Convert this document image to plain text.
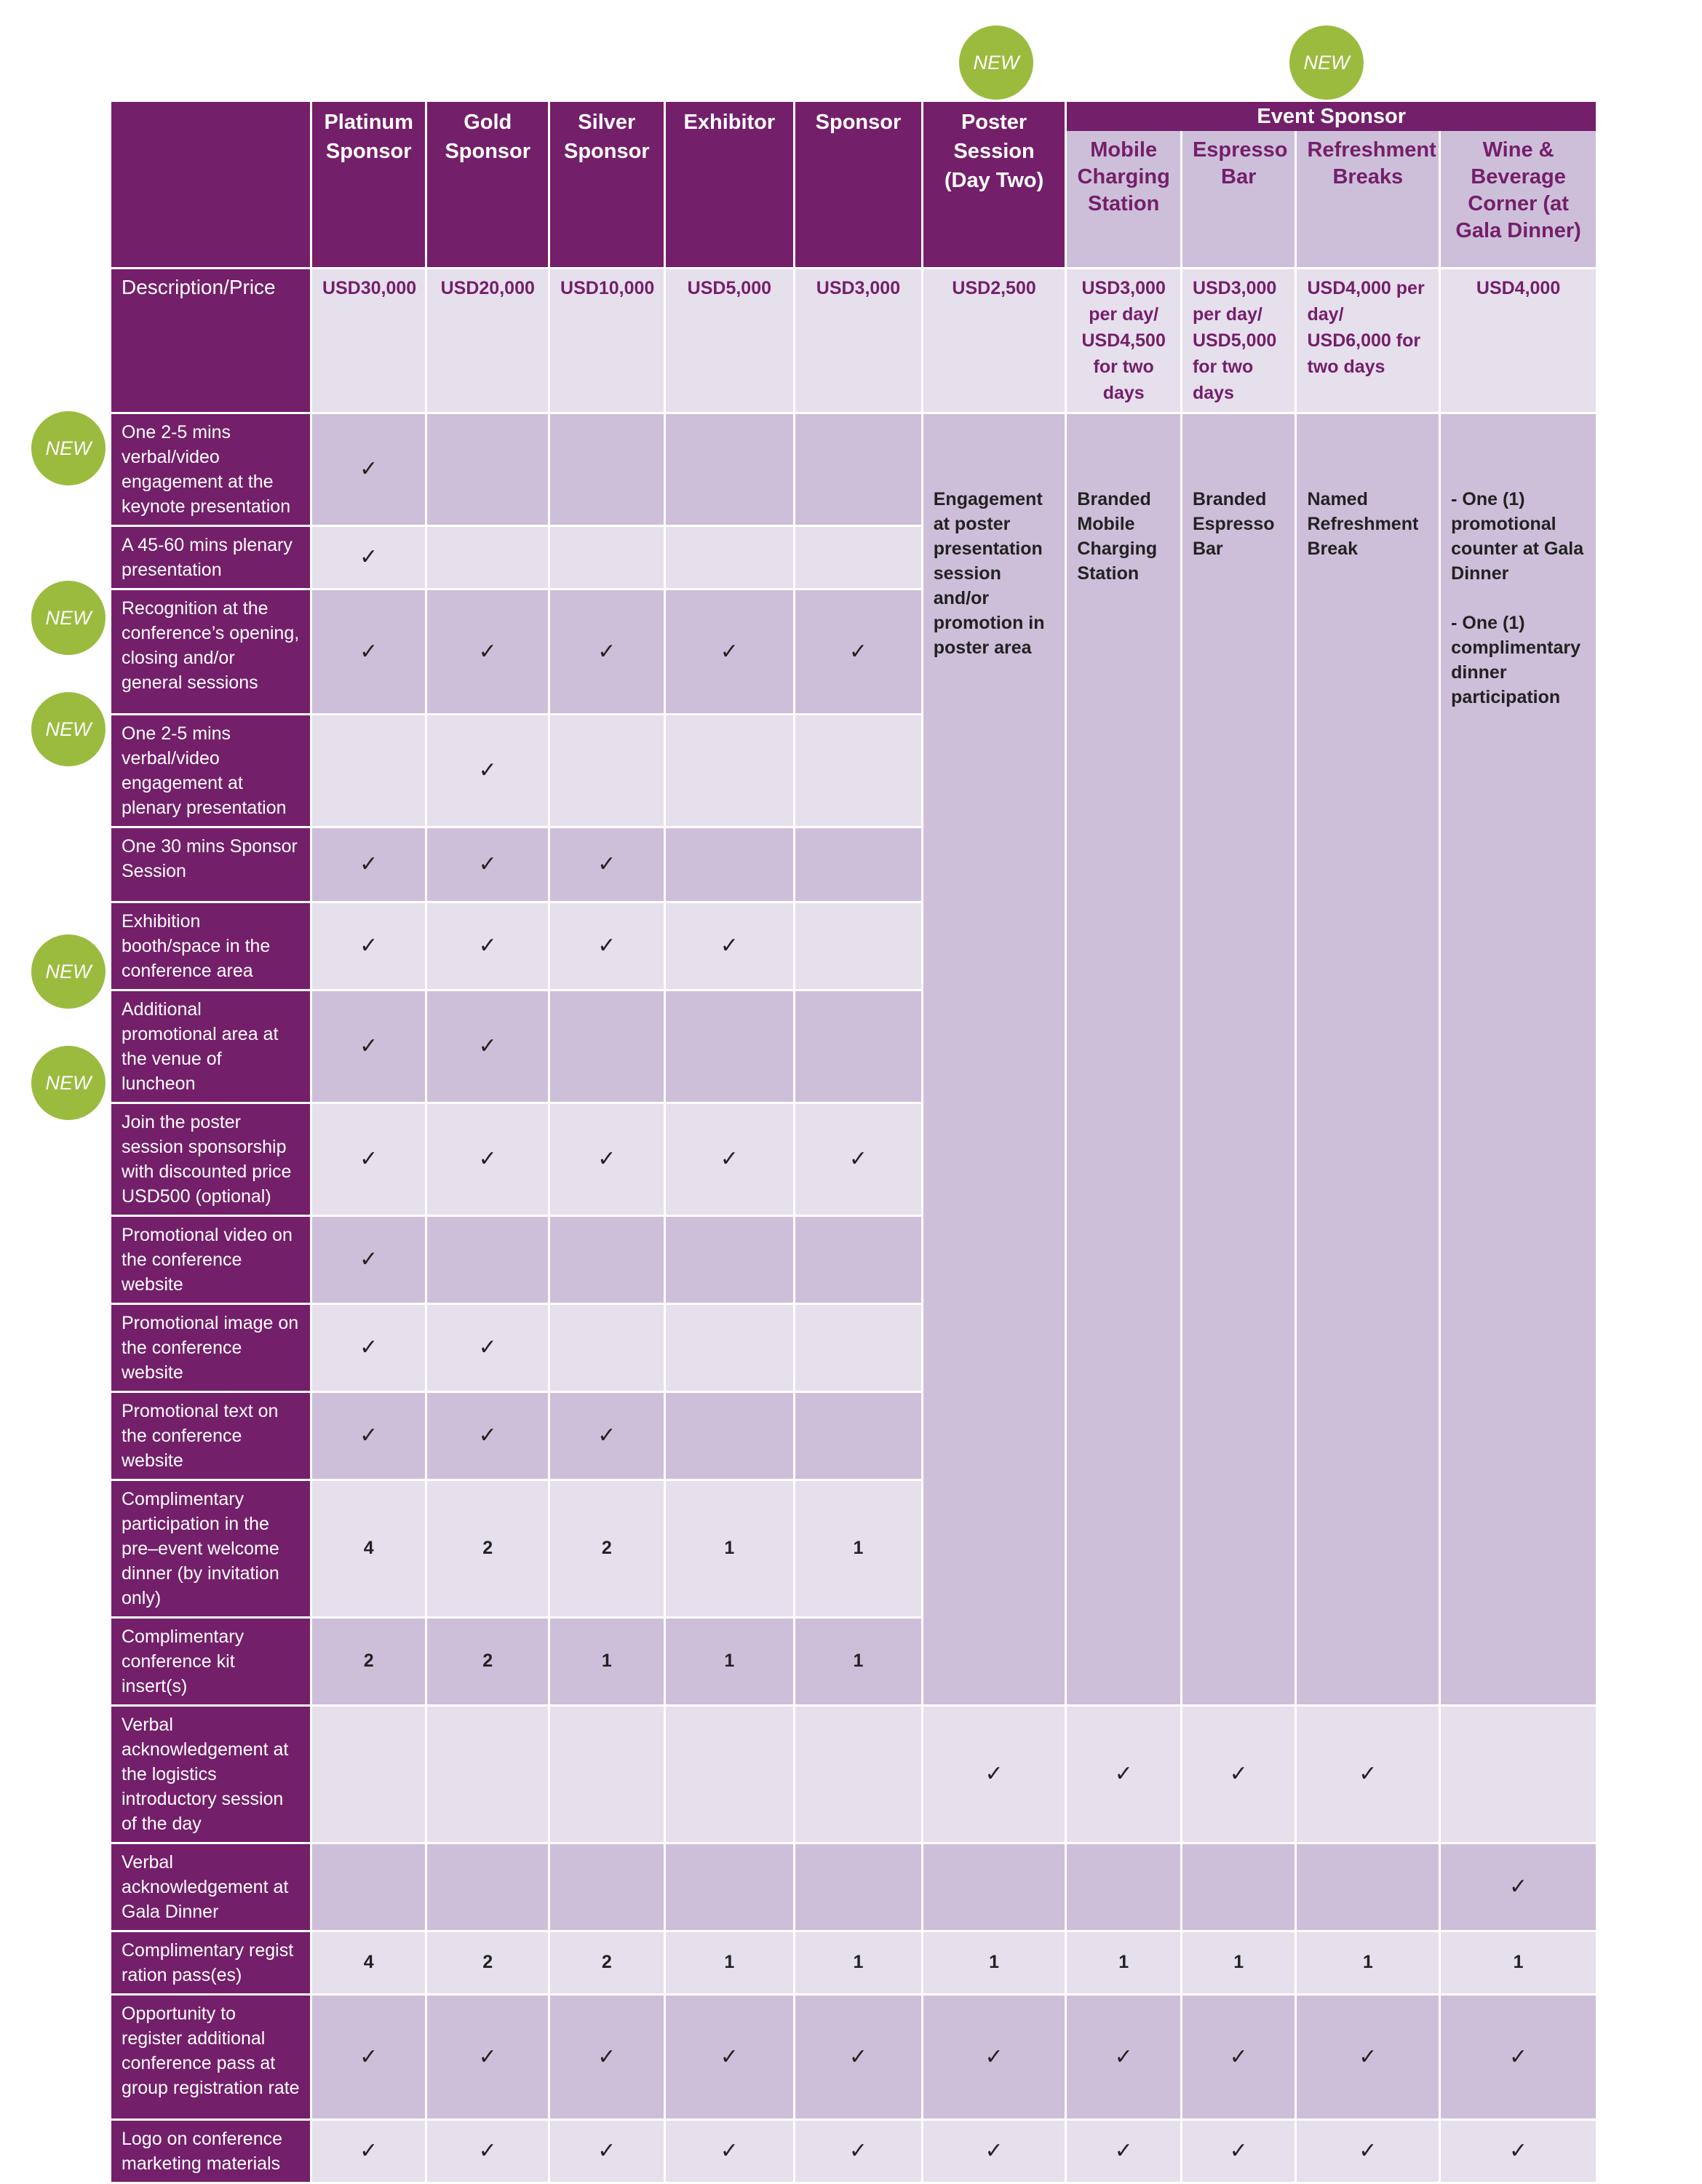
NEW	NEW
NEW
NEW
NEW
NEW
NEW
	Platinum Sponsor	Gold Sponsor	Silver Sponsor	Exhibitor	Sponsor	Poster Session (Day Two)	Event Sponsor			
							Mobile Charging Station	Espresso Bar	Refreshment Breaks	Wine & Beverage Corner (at Gala Dinner)
Description/Price	USD30,000	USD20,000	USD10,000	USD5,000	USD3,000	USD2,500	USD3,000 per day/ USD4,500 for two days	USD3,000 per day/ USD5,000 for two days	USD4,000 per day/ USD6,000 for two days	USD4,000
One 2-5 mins verbal/video engagement at the keynote presentation	✓					Engagement at poster presentation session and/or promotion in poster area	Branded Mobile Charging Station	Branded Espresso Bar	Named Refreshment Break	- One (1) promotional counter at Gala Dinner
- One (1) complimentary dinner participation

A 45-60 mins plenary presentation	✓									
Recognition at the conference’s opening, closing and/or general sessions	✓	✓	✓	✓	✓					
One 2-5 mins verbal/video engagement at plenary presentation		✓								
One 30 mins Sponsor Session	✓	✓	✓							
Exhibition booth/space in the conference area	✓	✓	✓	✓						
Additional promotional area at the venue of luncheon	✓	✓								
Join the poster session sponsorship with discounted price USD500 (optional)	✓	✓	✓	✓	✓					
Promotional video on the conference website	✓									
Promotional image on the conference website	✓	✓								
Promotional text on the conference website	✓	✓	✓							
Complimentary participation in the pre–event welcome dinner (by invitation only)	4	2	2	1	1					
Complimentary conference kit insert(s)	2	2	1	1	1					
Verbal acknowledgement at the logistics introductory session of the day						✓	✓	✓	✓	
Verbal acknowledgement at Gala Dinner										✓
Complimentary regist ration pass(es)	4	2	2	1	1	1	1	1	1	1
Opportunity to register additional conference pass at group registration rate	✓	✓	✓	✓	✓	✓	✓	✓	✓	✓
Logo on conference marketing materials	✓	✓	✓	✓	✓	✓	✓	✓	✓	✓
